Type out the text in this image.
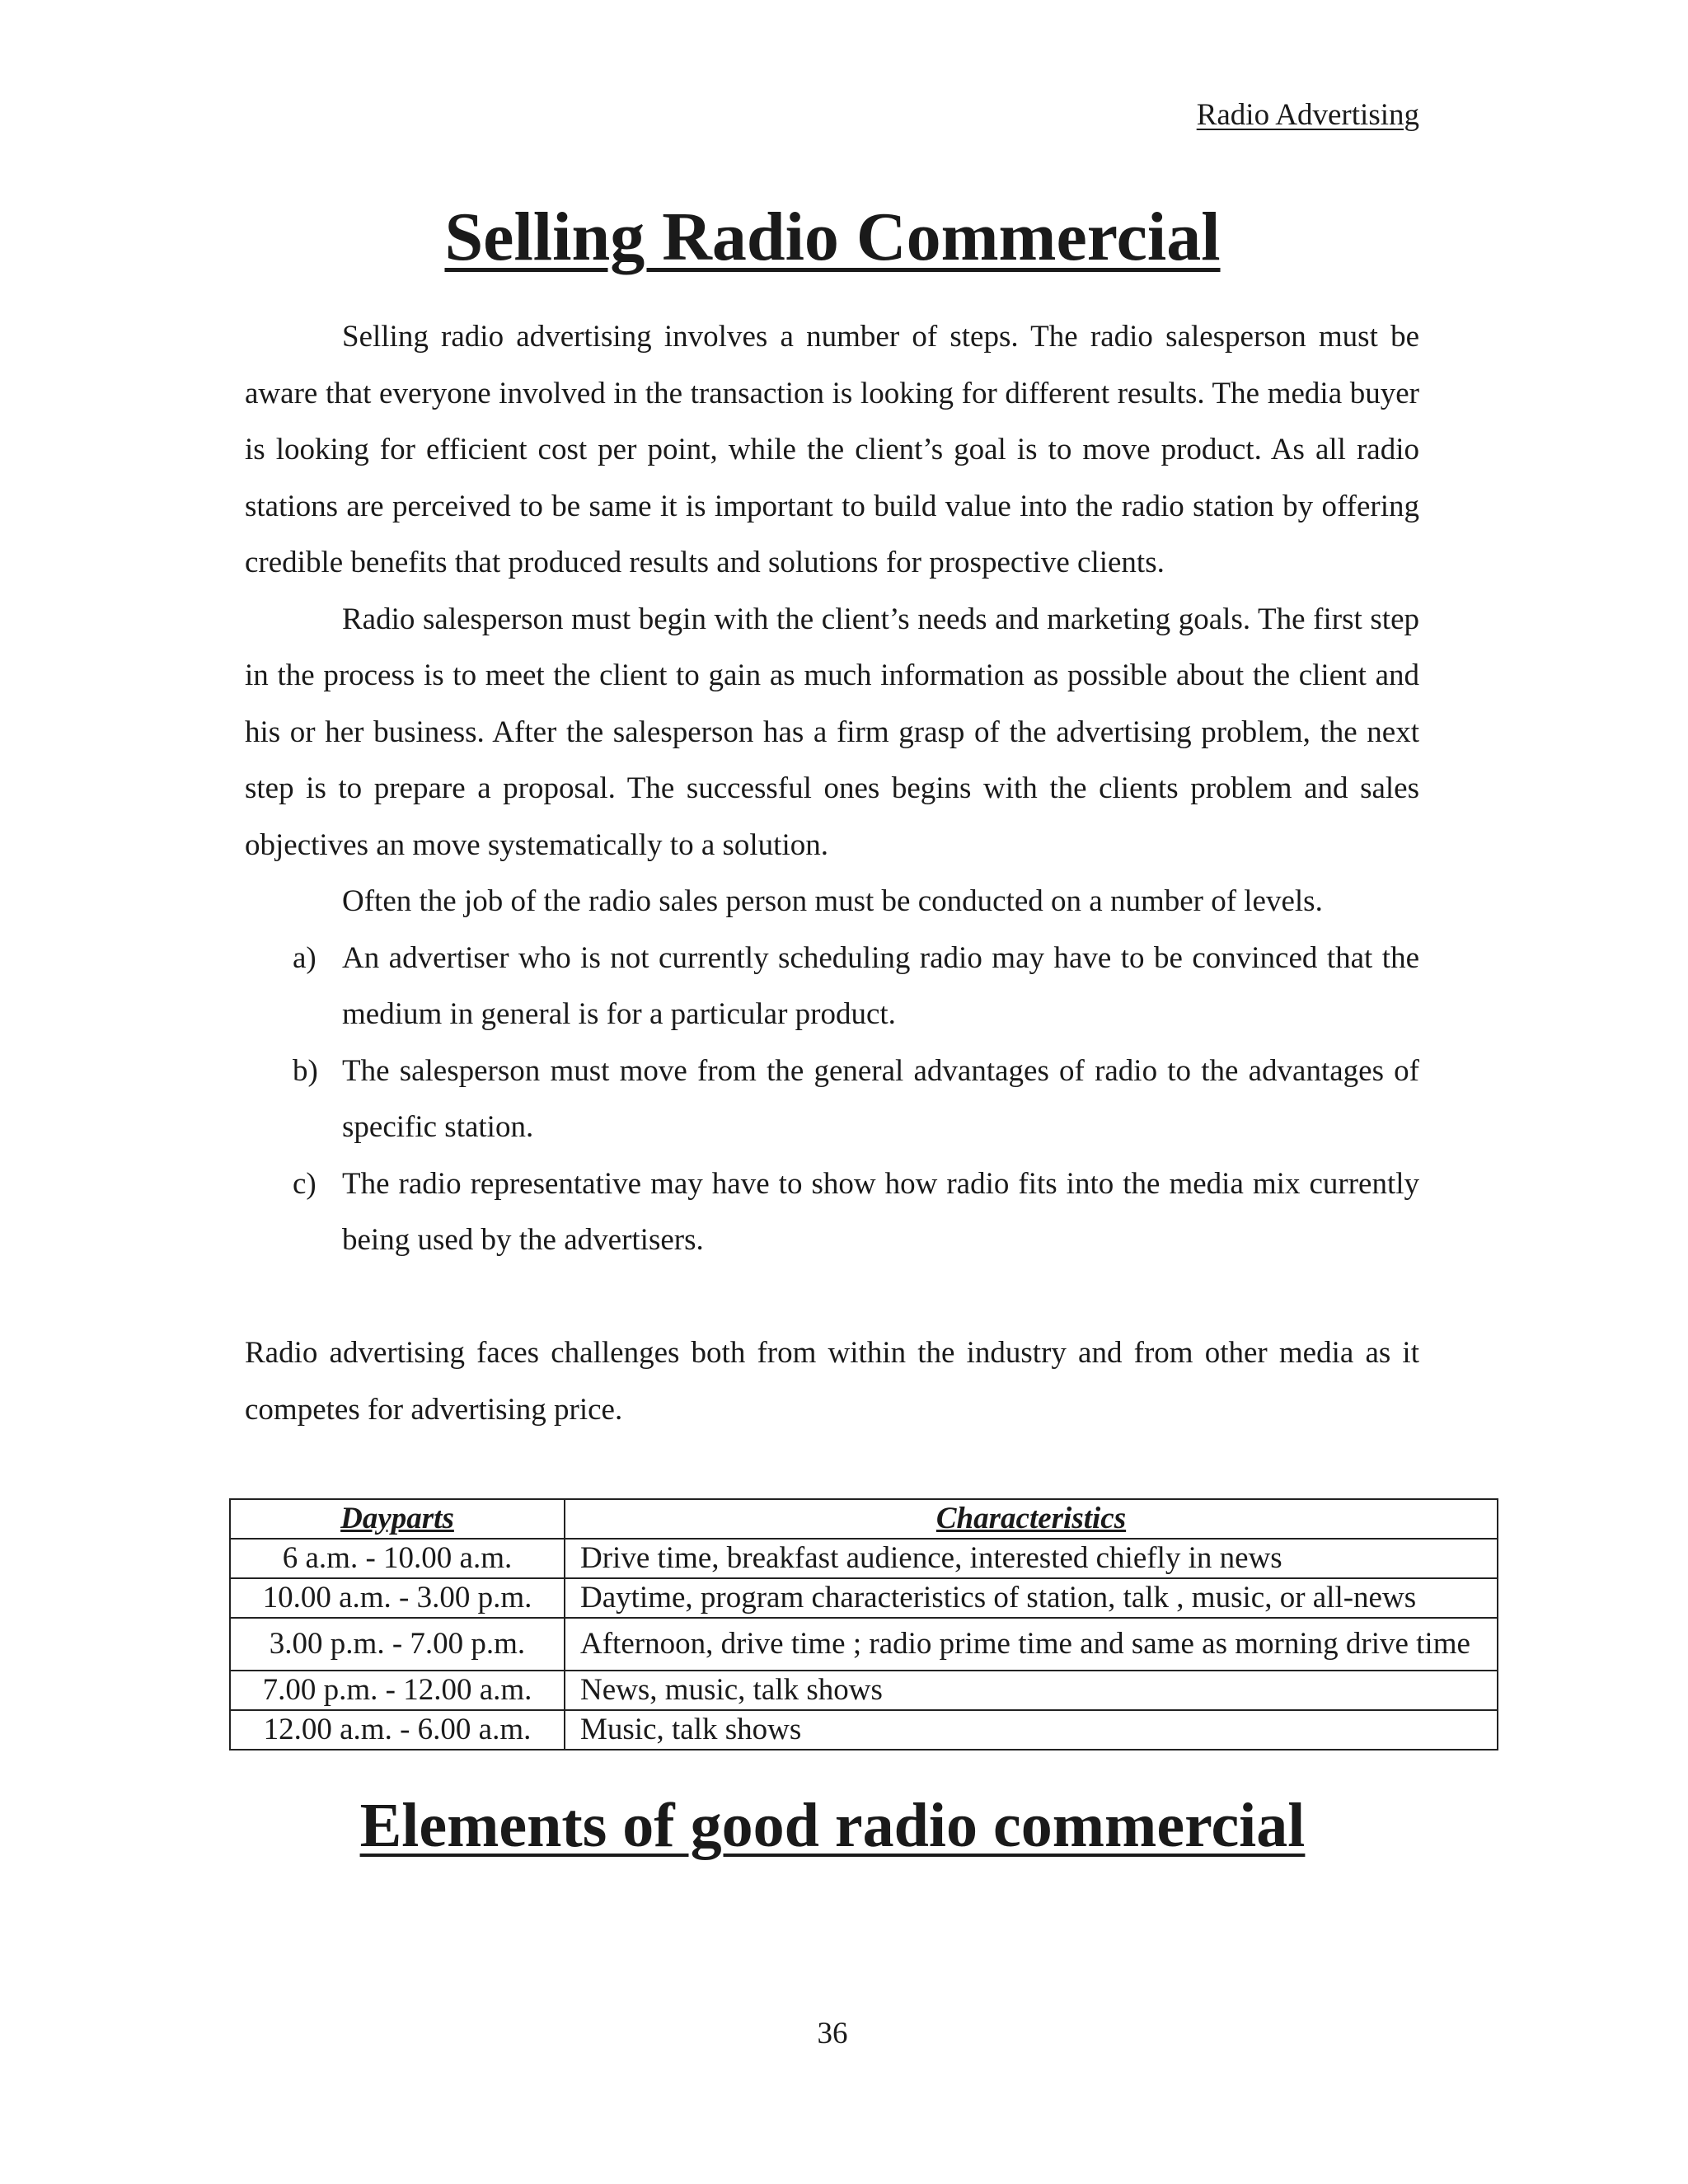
Radio Advertising
Selling Radio Commercial

Selling radio advertising involves a number of steps. The radio salesperson must be aware that everyone involved in the transaction is looking for different results. The media buyer is looking for efficient cost per point, while the client’s goal is to move product. As all radio stations are perceived to be same it is important to build value into the radio station by offering credible benefits that produced results and solutions for prospective clients.

Radio salesperson must begin with the client’s needs and marketing goals. The first step in the process is to meet the client to gain as much information as possible about the client and his or her business. After the salesperson has a firm grasp of the advertising problem, the next step is to prepare a proposal. The successful ones begins with the clients problem and sales objectives an move systematically to a solution.

Often the job of the radio sales person must be conducted on a number of levels.

a) An advertiser who is not currently scheduling radio may have to be convinced that the medium in general is for a particular product.
b) The salesperson must move from the general advantages of radio to the advantages of specific station.
c) The radio representative may have to show how radio fits into the media mix currently being used by the advertisers.

Radio advertising faces challenges both from within the industry and from other media as it competes for advertising price.

Dayparts	Characteristics
6 a.m. - 10.00 a.m.	Drive time, breakfast audience, interested chiefly in news
10.00 a.m. - 3.00 p.m.	Daytime, program characteristics of station, talk , music, or all-news
3.00 p.m. - 7.00 p.m.	Afternoon, drive time ; radio prime time and same as morning drive time
7.00 p.m. - 12.00 a.m.	News, music, talk shows
12.00 a.m. - 6.00 a.m.	Music, talk shows
Elements of good radio commercial
36
